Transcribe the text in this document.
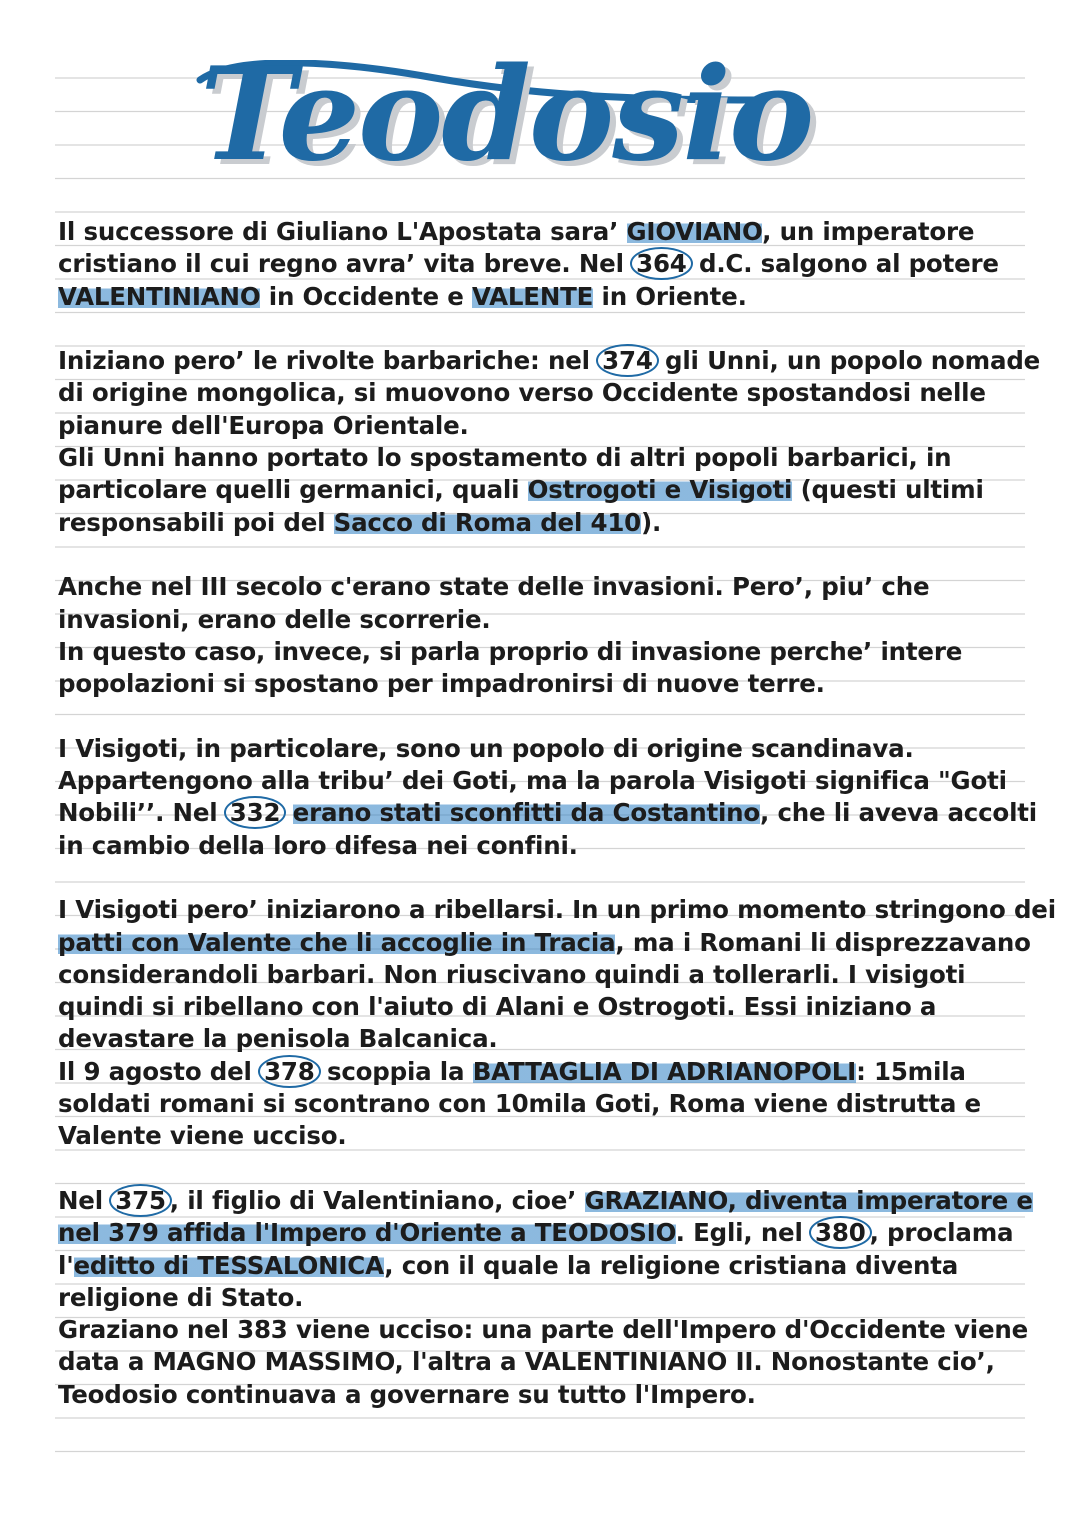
Teodosio

Il successore di Giuliano L'Apostata sara’ GIOVIANO, un imperatore cristiano il cui regno avra’ vita breve. Nel 364 d.C. salgono al potere VALENTINIANO in Occidente e VALENTE in Oriente.

Iniziano pero’ le rivolte barbariche: nel 374 gli Unni, un popolo nomade di origine mongolica, si muovono verso Occidente spostandosi nelle pianure dell'Europa Orientale.
Gli Unni hanno portato lo spostamento di altri popoli barbarici, in particolare quelli germanici, quali Ostrogoti e Visigoti (questi ultimi responsabili poi del Sacco di Roma del 410).

Anche nel III secolo c'erano state delle invasioni. Pero’, piu’ che invasioni, erano delle scorrerie.
In questo caso, invece, si parla proprio di invasione perche’ intere popolazioni si spostano per impadronirsi di nuove terre.

I Visigoti, in particolare, sono un popolo di origine scandinava. Appartengono alla tribu’ dei Goti, ma la parola Visigoti significa "Goti Nobili’’. Nel 332 erano stati sconfitti da Costantino, che li aveva accolti in cambio della loro difesa nei confini.

I Visigoti pero’ iniziarono a ribellarsi. In un primo momento stringono dei patti con Valente che li accoglie in Tracia, ma i Romani li disprezzavano considerandoli barbari. Non riuscivano quindi a tollerarli. I visigoti quindi si ribellano con l'aiuto di Alani e Ostrogoti. Essi iniziano a devastare la penisola Balcanica.
Il 9 agosto del 378 scoppia la BATTAGLIA DI ADRIANOPOLI: 15mila soldati romani si scontrano con 10mila Goti, Roma viene distrutta e Valente viene ucciso.

Nel 375 , il figlio di Valentiniano, cioe’ GRAZIANO, diventa imperatore e nel 379 affida l'Impero d'Oriente a TEODOSIO. Egli, nel 380 , proclama l'editto di TESSALONICA, con il quale la religione cristiana diventa religione di Stato.
Graziano nel 383 viene ucciso: una parte dell'Impero d'Occidente viene data a MAGNO MASSIMO, l'altra a VALENTINIANO II. Nonostante cio’, Teodosio continuava a governare su tutto l'Impero.
